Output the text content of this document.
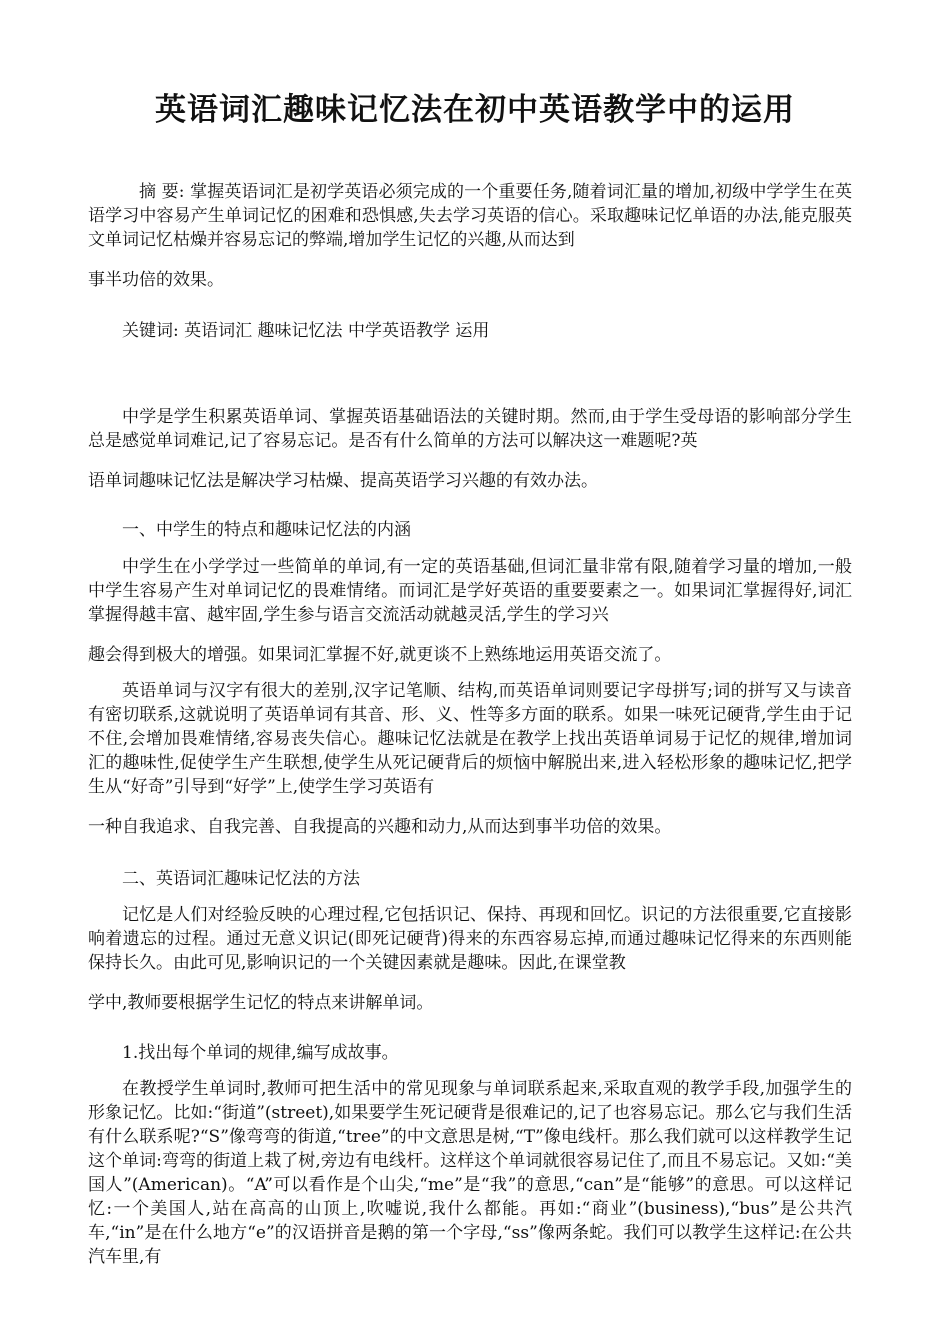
英语词汇趣味记忆法在初中英语教学中的运用

摘 要: 掌握英语词汇是初学英语必须完成的一个重要任务,随着词汇量的增加,初级中学学生在英语学习中容易产生单词记忆的困难和恐惧感,失去学习英语的信心。采取趣味记忆单语的办法,能克服英文单词记忆枯燥并容易忘记的弊端,增加学生记忆的兴趣,从而达到
事半功倍的效果。

关键词: 英语词汇 趣味记忆法 中学英语教学 运用

中学是学生积累英语单词、掌握英语基础语法的关键时期。然而,由于学生受母语的影响部分学生总是感觉单词难记,记了容易忘记。是否有什么简单的方法可以解决这一难题呢?英
语单词趣味记忆法是解决学习枯燥、提高英语学习兴趣的有效办法。

一、中学生的特点和趣味记忆法的内涵

中学生在小学学过一些简单的单词,有一定的英语基础,但词汇量非常有限,随着学习量的增加,一般中学生容易产生对单词记忆的畏难情绪。而词汇是学好英语的重要要素之一。如果词汇掌握得好,词汇掌握得越丰富、越牢固,学生参与语言交流活动就越灵活,学生的学习兴
趣会得到极大的增强。如果词汇掌握不好,就更谈不上熟练地运用英语交流了。

英语单词与汉字有很大的差别,汉字记笔顺、结构,而英语单词则要记字母拼写;词的拼写又与读音有密切联系,这就说明了英语单词有其音、形、义、性等多方面的联系。如果一味死记硬背,学生由于记不住,会增加畏难情绪,容易丧失信心。趣味记忆法就是在教学上找出英语单词易于记忆的规律,增加词汇的趣味性,促使学生产生联想,使学生从死记硬背后的烦恼中解脱出来,进入轻松形象的趣味记忆,把学生从“好奇”引导到“好学”上,使学生学习英语有
一种自我追求、自我完善、自我提高的兴趣和动力,从而达到事半功倍的效果。

二、英语词汇趣味记忆法的方法

记忆是人们对经验反映的心理过程,它包括识记、保持、再现和回忆。识记的方法很重要,它直接影响着遗忘的过程。通过无意义识记(即死记硬背)得来的东西容易忘掉,而通过趣味记忆得来的东西则能保持长久。由此可见,影响识记的一个关键因素就是趣味。因此,在课堂教
学中,教师要根据学生记忆的特点来讲解单词。

1.找出每个单词的规律,编写成故事。

在教授学生单词时,教师可把生活中的常见现象与单词联系起来,采取直观的教学手段,加强学生的形象记忆。比如:“街道”(street),如果要学生死记硬背是很难记的,记了也容易忘记。那么它与我们生活有什么联系呢?“S”像弯弯的街道,“tree”的中文意思是树,“T”像电线杆。那么我们就可以这样教学生记这个单词:弯弯的街道上栽了树,旁边有电线杆。这样这个单词就很容易记住了,而且不易忘记。又如:“美国人”(American)。“A”可以看作是个山尖,“me”是“我”的意思,“can”是“能够”的意思。可以这样记忆:一个美国人,站在高高的山顶上,吹嘘说,我什么都能。再如:“商业”(business),“bus”是公共汽车,“in”是在什么地方“e”的汉语拼音是鹅的第一个字母,“ss”像两条蛇。我们可以教学生这样记:在公共汽车里,有
